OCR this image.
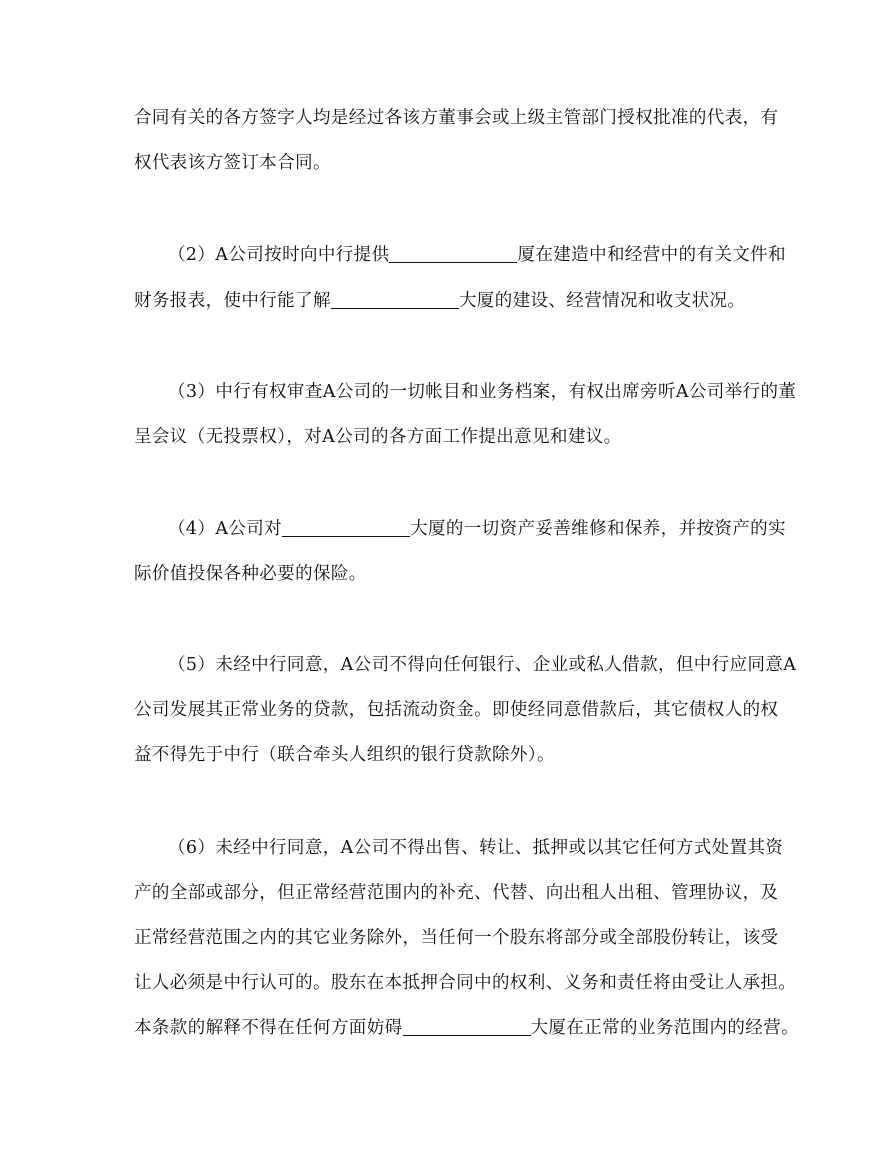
合同有关的各方签字人均是经过各该方董事会或上级主管部门授权批准的代表，有
权代表该方签订本合同。
（2）A公司按时向中行提供	厦在建造中和经营中的有关文件和
财务报表，使中行能了解	大厦的建设、经营情况和收支状况。
（3）中行有权审查A公司的一切帐目和业务档案，有权出席旁听A公司举行的董
呈会议（无投票权），对A公司的各方面工作提出意见和建议。
（4）A公司对	大厦的一切资产妥善维修和保养，并按资产的实
际价值投保各种必要的保险。
（5）未经中行同意，A公司不得向任何银行、企业或私人借款，但中行应同意A
公司发展其正常业务的贷款，包括流动资金。即使经同意借款后，其它债权人的权
益不得先于中行（联合牵头人组织的银行贷款除外）。
（6）未经中行同意，A公司不得出售、转让、抵押或以其它任何方式处置其资
产的全部或部分，但正常经营范围内的补充、代替、向出租人出租、管理协议，及
正常经营范围之内的其它业务除外，当任何一个股东将部分或全部股份转让，该受
让人必须是中行认可的。股东在本抵押合同中的权利、义务和责任将由受让人承担。
本条款的解释不得在任何方面妨碍	大厦在正常的业务范围内的经营。
